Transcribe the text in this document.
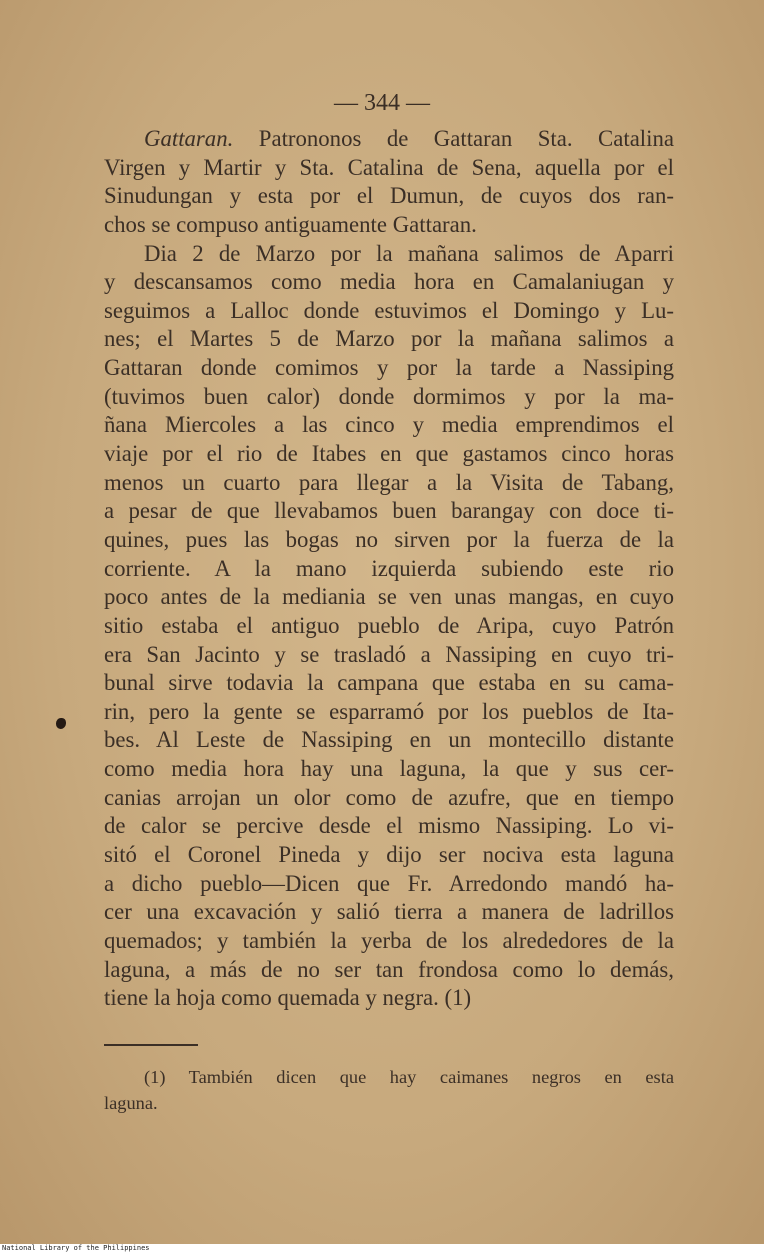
— 344 —
Gattaran. Patrononos de Gattaran Sta. Catalina
Virgen y Martir y Sta. Catalina de Sena, aquella por el
Sinudungan y esta por el Dumun, de cuyos dos ran-
chos se compuso antiguamente Gattaran.
Dia 2 de Marzo por la mañana salimos de Aparri
y descansamos como media hora en Camalaniugan y
seguimos a Lalloc donde estuvimos el Domingo y Lu-
nes; el Martes 5 de Marzo por la mañana salimos a
Gattaran donde comimos y por la tarde a Nassiping
(tuvimos buen calor) donde dormimos y por la ma-
ñana Miercoles a las cinco y media emprendimos el
viaje por el rio de Itabes en que gastamos cinco horas
menos un cuarto para llegar a la Visita de Tabang,
a pesar de que llevabamos buen barangay con doce ti-
quines, pues las bogas no sirven por la fuerza de la
corriente. A la mano izquierda subiendo este rio
poco antes de la mediania se ven unas mangas, en cuyo
sitio estaba el antiguo pueblo de Aripa, cuyo Patrón
era San Jacinto y se trasladó a Nassiping en cuyo tri-
bunal sirve todavia la campana que estaba en su cama-
rin, pero la gente se esparramó por los pueblos de Ita-
bes. Al Leste de Nassiping en un montecillo distante
como media hora hay una laguna, la que y sus cer-
canias arrojan un olor como de azufre, que en tiempo
de calor se percive desde el mismo Nassiping. Lo vi-
sitó el Coronel Pineda y dijo ser nociva esta laguna
a dicho pueblo—Dicen que Fr. Arredondo mandó ha-
cer una excavación y salió tierra a manera de ladrillos
quemados; y también la yerba de los alrededores de la
laguna, a más de no ser tan frondosa como lo demás,
tiene la hoja como quemada y negra. (1)
(1) También dicen que hay caimanes negros en esta
laguna.
National Library of the Philippines
